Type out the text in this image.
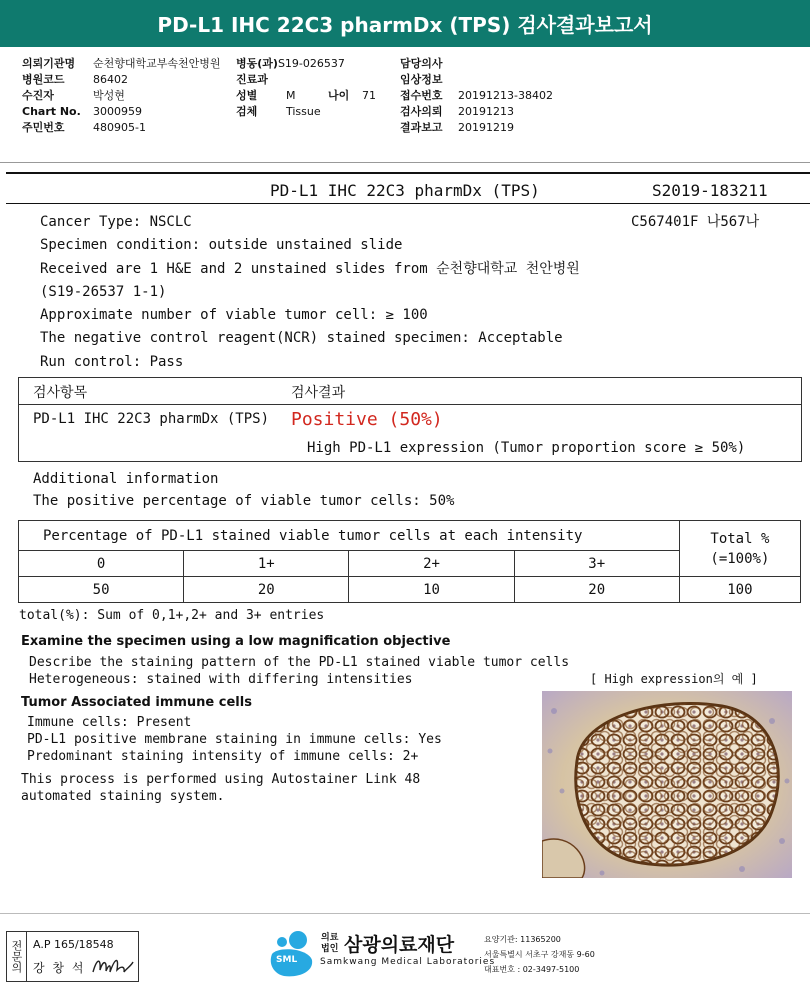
PD-L1 IHC 22C3 pharmDx (TPS) 검사결과보고서
의뢰기관명	순천향대학교부속천안병원
병원코드	86402
수진자	박성현
Chart No.	3000959
주민번호	480905-1
병동(과) S19-026537
진료과
성별	M	나이	71
검체	Tissue
담당의사
임상정보
접수번호	20191213-38402
검사의뢰	20191213
결과보고	20191219
PD-L1 IHC 22C3 pharmDx (TPS)	S2019-183211
C567401F 나567나
Cancer Type: NSCLC
Specimen condition: outside unstained slide
Received are 1 H&E and 2 unstained slides from 순천향대학교 천안병원
(S19-26537 1-1)
Approximate number of viable tumor cell: ≥ 100
The negative control reagent(NCR) stained specimen: Acceptable
Run control: Pass
검사항목	검사결과
PD-L1 IHC 22C3 pharmDx (TPS) Positive (50%)
High PD-L1 expression (Tumor proportion score ≥ 50%)
Additional information
The positive percentage of viable tumor cells: 50%
Percentage of PD-L1 stained viable tumor cells at each intensity				Total %
(=100%)

0	1+	2+	3+	
50	20	10	20	100
total(%): Sum of 0,1+,2+ and 3+ entries
Examine the specimen using a low magnification objective
Describe the staining pattern of the PD-L1 stained viable tumor cells
Heterogeneous: stained with differing intensities	[ High expression의 예 ]
Tumor Associated immune cells
Immune cells: Present
PD-L1 positive membrane staining in immune cells: Yes
Predominant staining intensity of immune cells: 2+
This process is performed using Autostainer Link 48
automated staining system.
전문의 A.P 165/18548
강 창 석
SML
의료
법인 삼광의료재단
Samkwang Medical Laboratories
요양기관: 11365200
서울특별시 서초구 강재동 9-60
대표번호 : 02-3497-5100
